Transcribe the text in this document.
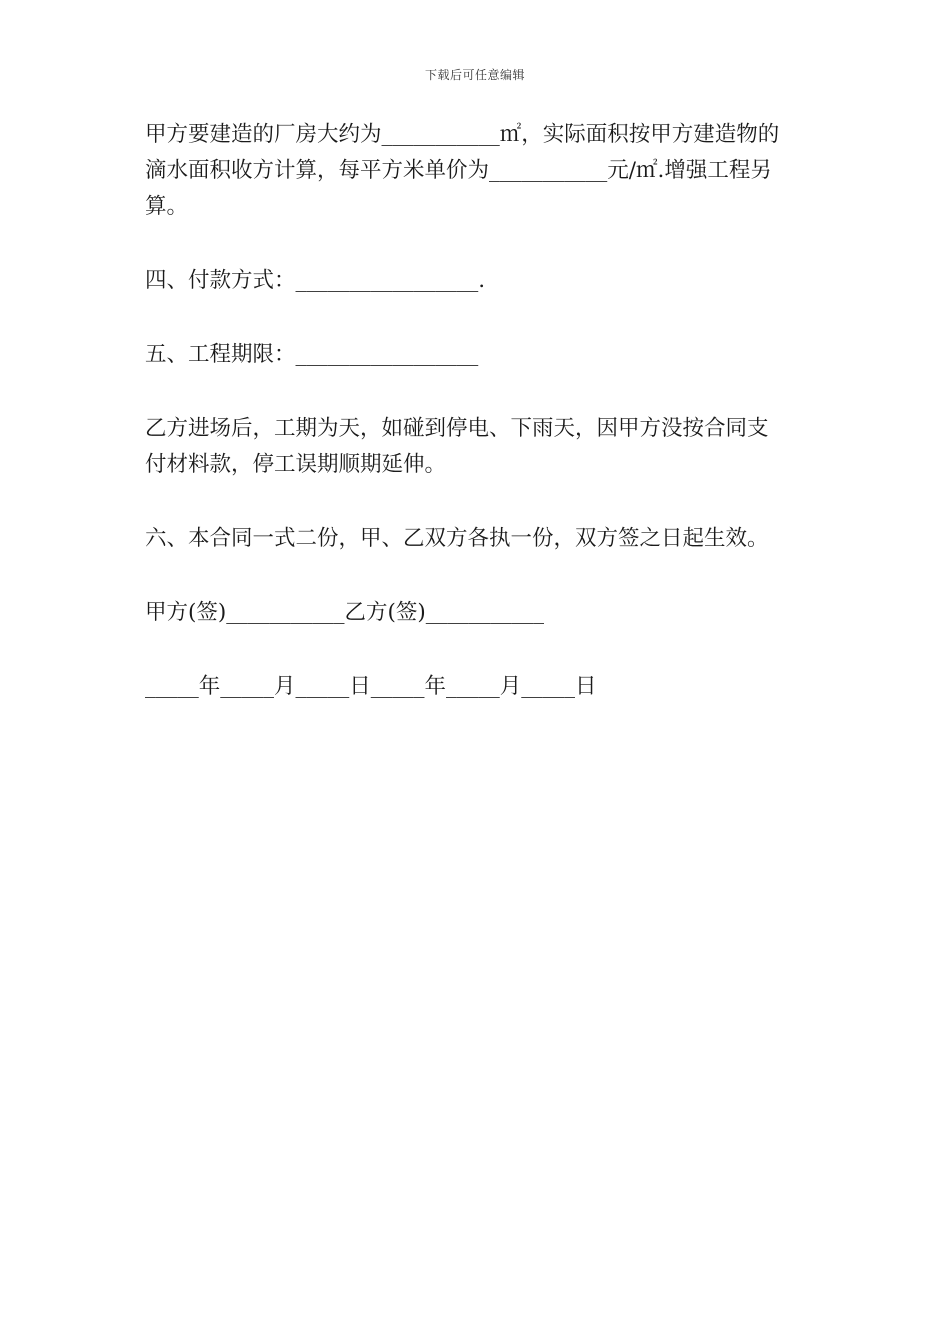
下载后可任意编辑

甲方要建造的厂房大约为___________㎡，实际面积按甲方建造物的
滴水面积收方计算，每平方米单价为___________元/㎡.增强工程另
算。

四、付款方式：_________________.

五、工程期限：_________________

乙方进场后，工期为天，如碰到停电、下雨天，因甲方没按合同支
付材料款，停工误期顺期延伸。

六、本合同一式二份，甲、乙双方各执一份，双方签之日起生效。

甲方(签)___________乙方(签)___________

_____年_____月_____日_____年_____月_____日
